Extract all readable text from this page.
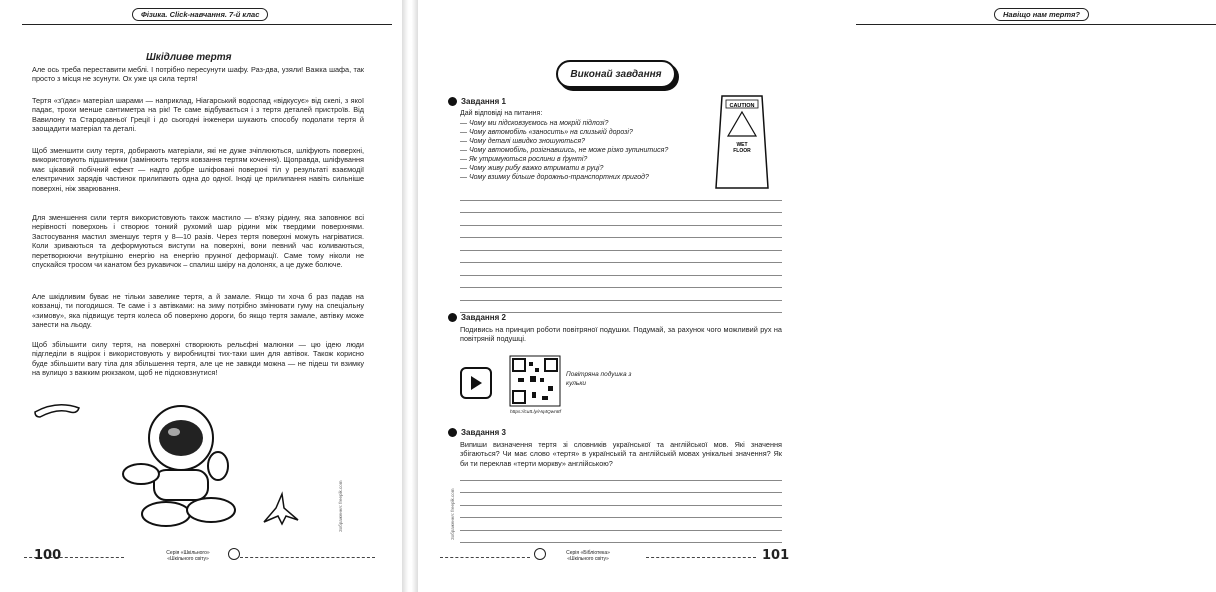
Фізика. Click-навчання. 7-й клас
Шкідливе тертя
Але ось треба переставити меблі. І потрібно пересунути шафу. Раз-два, узяли! Важка шафа, так просто з місця не зсунути. Ох уже ця сила тертя!
Тертя «з'їдає» матеріал шарами — наприклад, Ніагарський водоспад «відкусує» від скелі, з якої падає, трохи менше сантиметра на рік! Те саме відбувається і з тертя деталей пристроїв. Від Вавилону та Стародавньої Греції і до сьогодні інженери шукають способу подолати тертя й заощадити матеріал та деталі.
Щоб зменшити силу тертя, добирають матеріали, які не дуже зчіплюються, шліфують поверхні, використовують підшипники (замінюють тертя ковзання тертям кочення). Щоправда, шліфування має цікавий побічний ефект — надто добре шліфовані поверхні тіл у результаті взаємодії електричних зарядів частинок прилипають одна до одної. Іноді це прилипання навіть сильніше поверхні, ніж зварювання.
Для зменшення сили тертя використовують також мастило — в'язку рідину, яка заповнює всі нерівності поверхонь і створює тонкий рухомий шар рідини між твердими поверхнями. Застосування мастил зменшує тертя у 8—10 разів. Через тертя поверхні можуть нагріватися. Коли зриваються та деформуються виступи на поверхні, вони певний час коливаються, перетворюючи внутрішню енергію на енергію пружної деформації. Саме тому ніколи не спускайся тросом чи канатом без рукавичок – спалиш шкіру на долонях, а це дуже болюче.
Але шкідливим буває не тільки завелике тертя, а й замале. Якщо ти хоча б раз падав на ковзанці, ти погодишся. Те саме і з автівками: на зиму потрібно змінювати гуму на спеціальну «зимову», яка підвищує тертя колеса об поверхню дороги, бо якщо тертя замале, автівку може занести на льоду.
Щоб збільшити силу тертя, на поверхні створюють рельєфні малюнки — цю ідею люди підгледіли в ящірок і використовують у виробництві тих-таки шин для автівок. Також корисно буде збільшити вагу тіла для збільшення тертя, але це не завжди можна — не підеш ти взимку на вулицю з важким рюкзаком, щоб не підсковзнутися!
Зображення: freepik.com
100	Серія «Шкільного»
«Шкільного світу»
Навіщо нам тертя?
Виконай завдання
CAUTION
WET
FLOOR
Завдання 1
Дай відповіді на питання:
— Чому ми підсковзуємось на мокрій підлозі?
— Чому автомобіль «заносить» на слизькій дорозі?
— Чому деталі швидко зношуються?
— Чому автомобіль, розігнавшись, не може різко зупинитися?
— Як утримуються рослини в ґрунті?
— Чому живу рибу важко втримати в руці?
— Чому взимку більше дорожньо-транспортних пригод?
Завдання 2
Подивись на принцип роботи повітряної подушки. Подумай, за рахунок чого можливий рух на повітряній подушці.
https://cutt.ly/Hq4Qwn8f
Повітряна подушка з кульки
Завдання 3
Випиши визначення тертя зі словників української та англійської мов. Які значення збігаються? Чи має слово «тертя» в українській та англійській мовах унікальні значення? Як би ти переклав «терти моркву» англійською?
Зображення: freepik.com
Серія «Бібліотека»
«Шкільного світу»	101
